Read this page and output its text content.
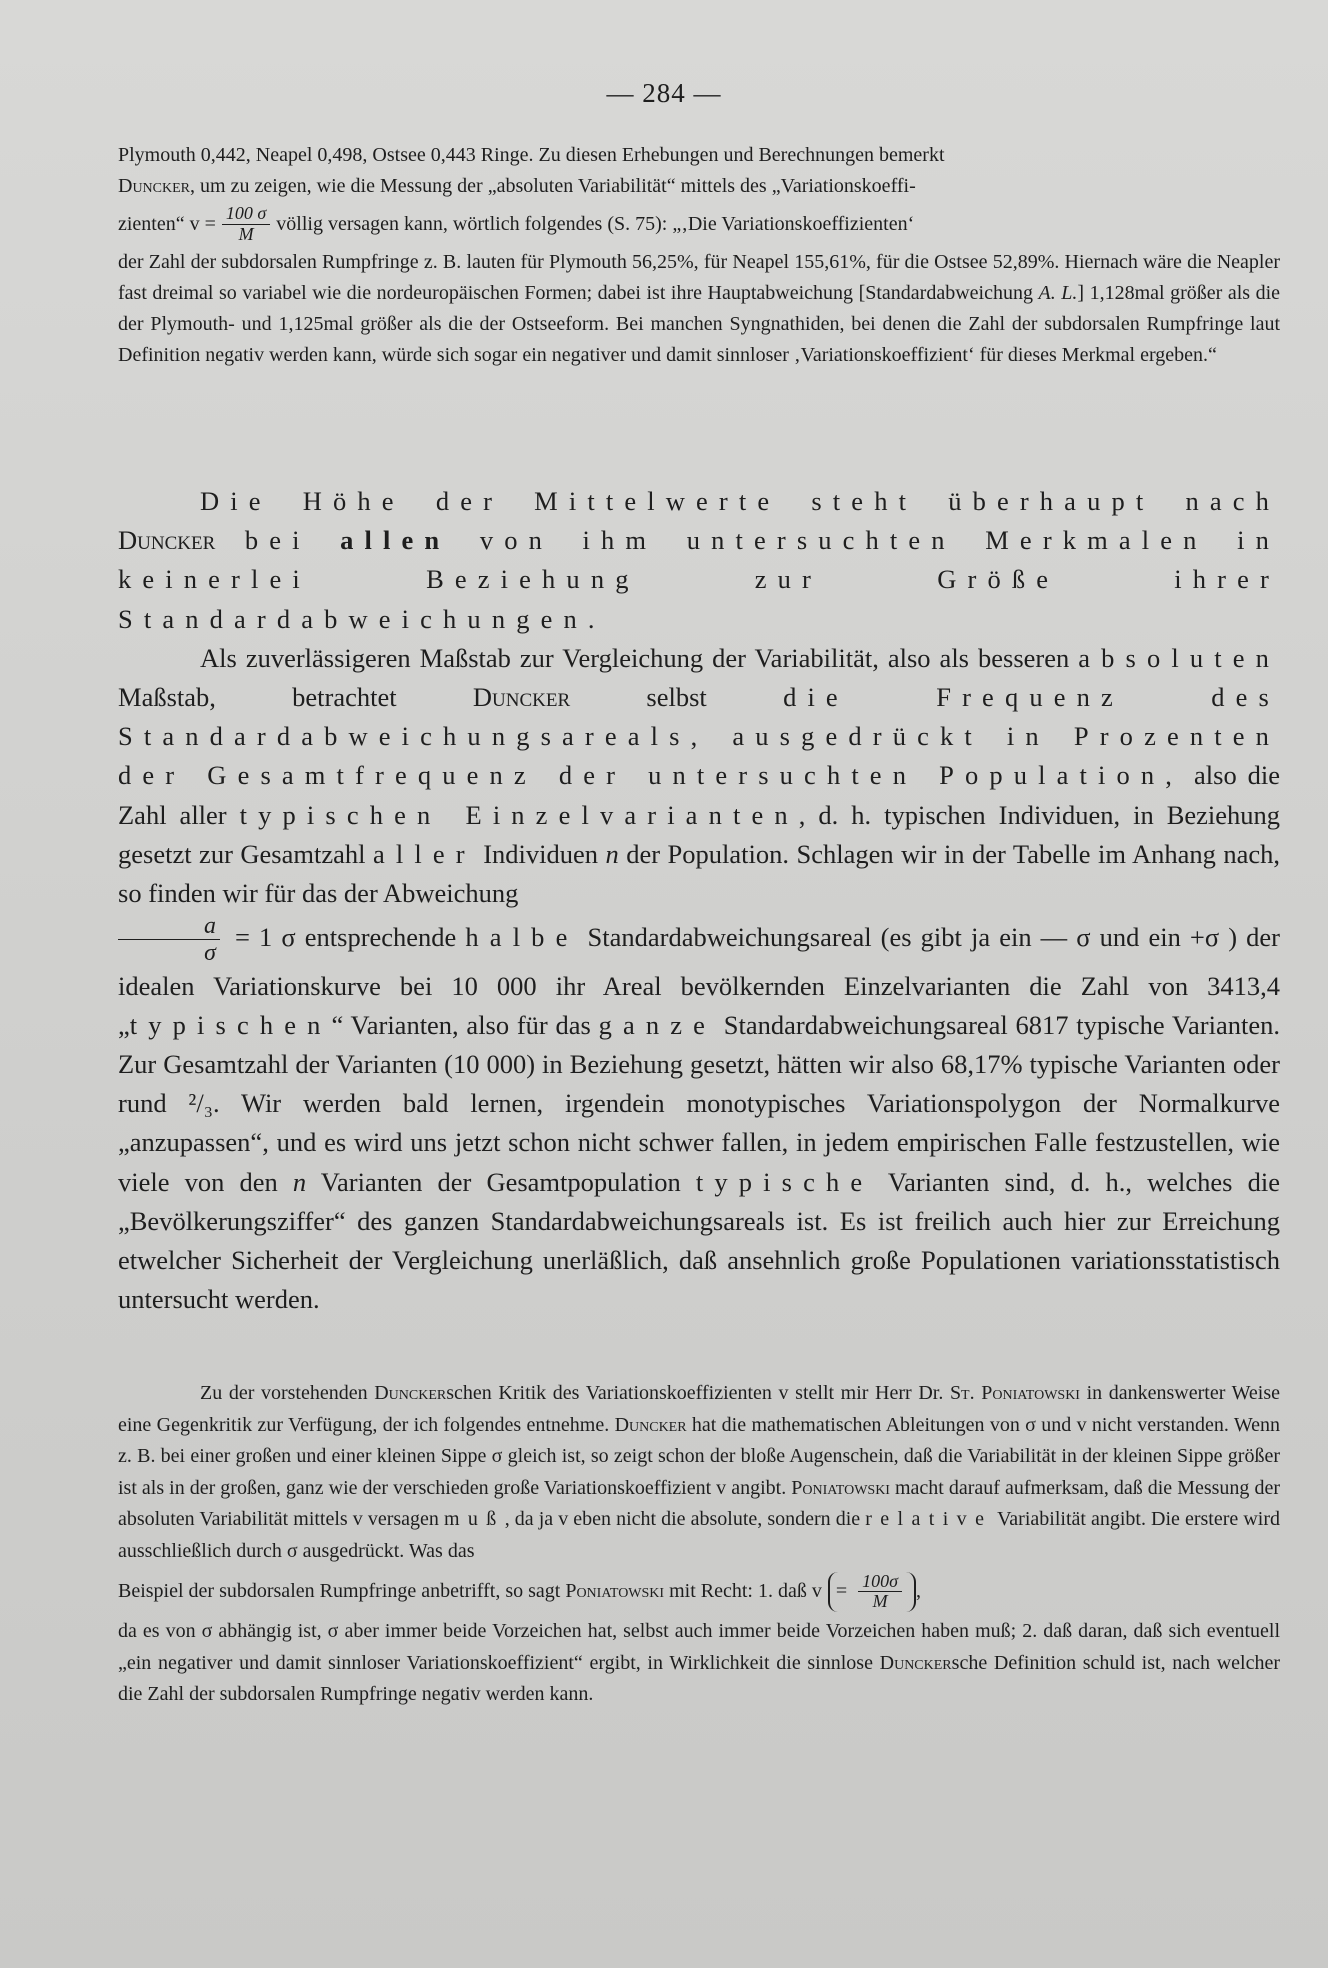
— 284 —

Plymouth 0,442, Neapel 0,498, Ostsee 0,443 Ringe. Zu diesen Erhebungen und Berechnungen bemerkt

Duncker, um zu zeigen, wie die Messung der „absoluten Variabilität“ mittels des „Variationskoeffi-

zienten“ $v = \frac{100 \sigma}{M}$ völlig versagen kann, wörtlich folgendes (S. 75): „‚Die Variationskoeffizienten‘

der Zahl der subdorsalen Rumpfringe z. B. lauten für Plymouth 56,25%, für Neapel 155,61%, für die Ostsee 52,89%. Hiernach wäre die Neapler fast dreimal so variabel wie die nordeuropäischen Formen; dabei ist ihre Hauptabweichung [Standardabweichung A. L.] 1,128mal größer als die der Plymouth- und 1,125mal größer als die der Ostseeform. Bei manchen Syngnathiden, bei denen die Zahl der subdorsalen Rumpfringe laut Definition negativ werden kann, würde sich sogar ein negativer und damit sinnloser ‚Variationskoeffizient‘ für dieses Merkmal ergeben.“

Die Höhe der Mittelwerte steht überhaupt nach Duncker bei allen von ihm untersuchten Merkmalen in keinerlei Beziehung zur Größe ihrer Standardabweichungen.

Als zuverlässigeren Maßstab zur Vergleichung der Variabilität, also als besseren absoluten Maßstab, betrachtet Duncker selbst die Frequenz des Standardabweichungsareals, ausgedrückt in Prozenten der Gesamtfrequenz der untersuchten Population, also die Zahl aller typischen Einzelvarianten, d. h. typischen Individuen, in Beziehung gesetzt zur Gesamtzahl aller Individuen n der Population. Schlagen wir in der Tabelle im Anhang nach, so finden wir für das der Abweichung

$\frac{a}{\sigma} = 1$ σ entsprechende halbe Standardabweichungsareal (es gibt ja ein — σ und ein +σ ) der idealen Variationskurve bei 10 000 ihr Areal bevölkernden Einzelvarianten die Zahl von 3413,4 „typischen“ Varianten, also für das ganze Standardabweichungsareal 6817 typische Varianten. Zur Gesamtzahl der Varianten (10 000) in Beziehung gesetzt, hätten wir also 68,17% typische Varianten oder rund ²/₃. Wir werden bald lernen, irgendein monotypisches Variationspolygon der Normalkurve „anzupassen“, und es wird uns jetzt schon nicht schwer fallen, in jedem empirischen Falle festzustellen, wie viele von den n Varianten der Gesamtpopulation typische Varianten sind, d. h., welches die „Bevölkerungsziffer“ des ganzen Standardabweichungsareals ist. Es ist freilich auch hier zur Erreichung etwelcher Sicherheit der Vergleichung unerläßlich, daß ansehnlich große Populationen variationsstatistisch untersucht werden.

Zu der vorstehenden Dunckerschen Kritik des Variationskoeffizienten v stellt mir Herr Dr. St. Poniatowski in dankenswerter Weise eine Gegenkritik zur Verfügung, der ich folgendes entnehme. Duncker hat die mathematischen Ableitungen von σ und v nicht verstanden. Wenn z. B. bei einer großen und einer kleinen Sippe σ gleich ist, so zeigt schon der bloße Augenschein, daß die Variabilität in der kleinen Sippe größer ist als in der großen, ganz wie der verschieden große Variationskoeffizient v angibt. Poniatowski macht darauf aufmerksam, daß die Messung der absoluten Variabilität mittels v versagen muß, da ja v eben nicht die absolute, sondern die relative Variabilität angibt. Die erstere wird ausschließlich durch σ ausgedrückt. Was das

Beispiel der subdorsalen Rumpfringe anbetrifft, so sagt Poniatowski mit Recht: 1. daß $v = \frac{100\sigma}{M}$ ,

da es von σ abhängig ist, σ aber immer beide Vorzeichen hat, selbst auch immer beide Vorzeichen haben muß; 2. daß daran, daß sich eventuell „ein negativer und damit sinnloser Variationskoeffizient“ ergibt, in Wirklichkeit die sinnlose Dunckersche Definition schuld ist, nach welcher die Zahl der subdorsalen Rumpfringe negativ werden kann.
